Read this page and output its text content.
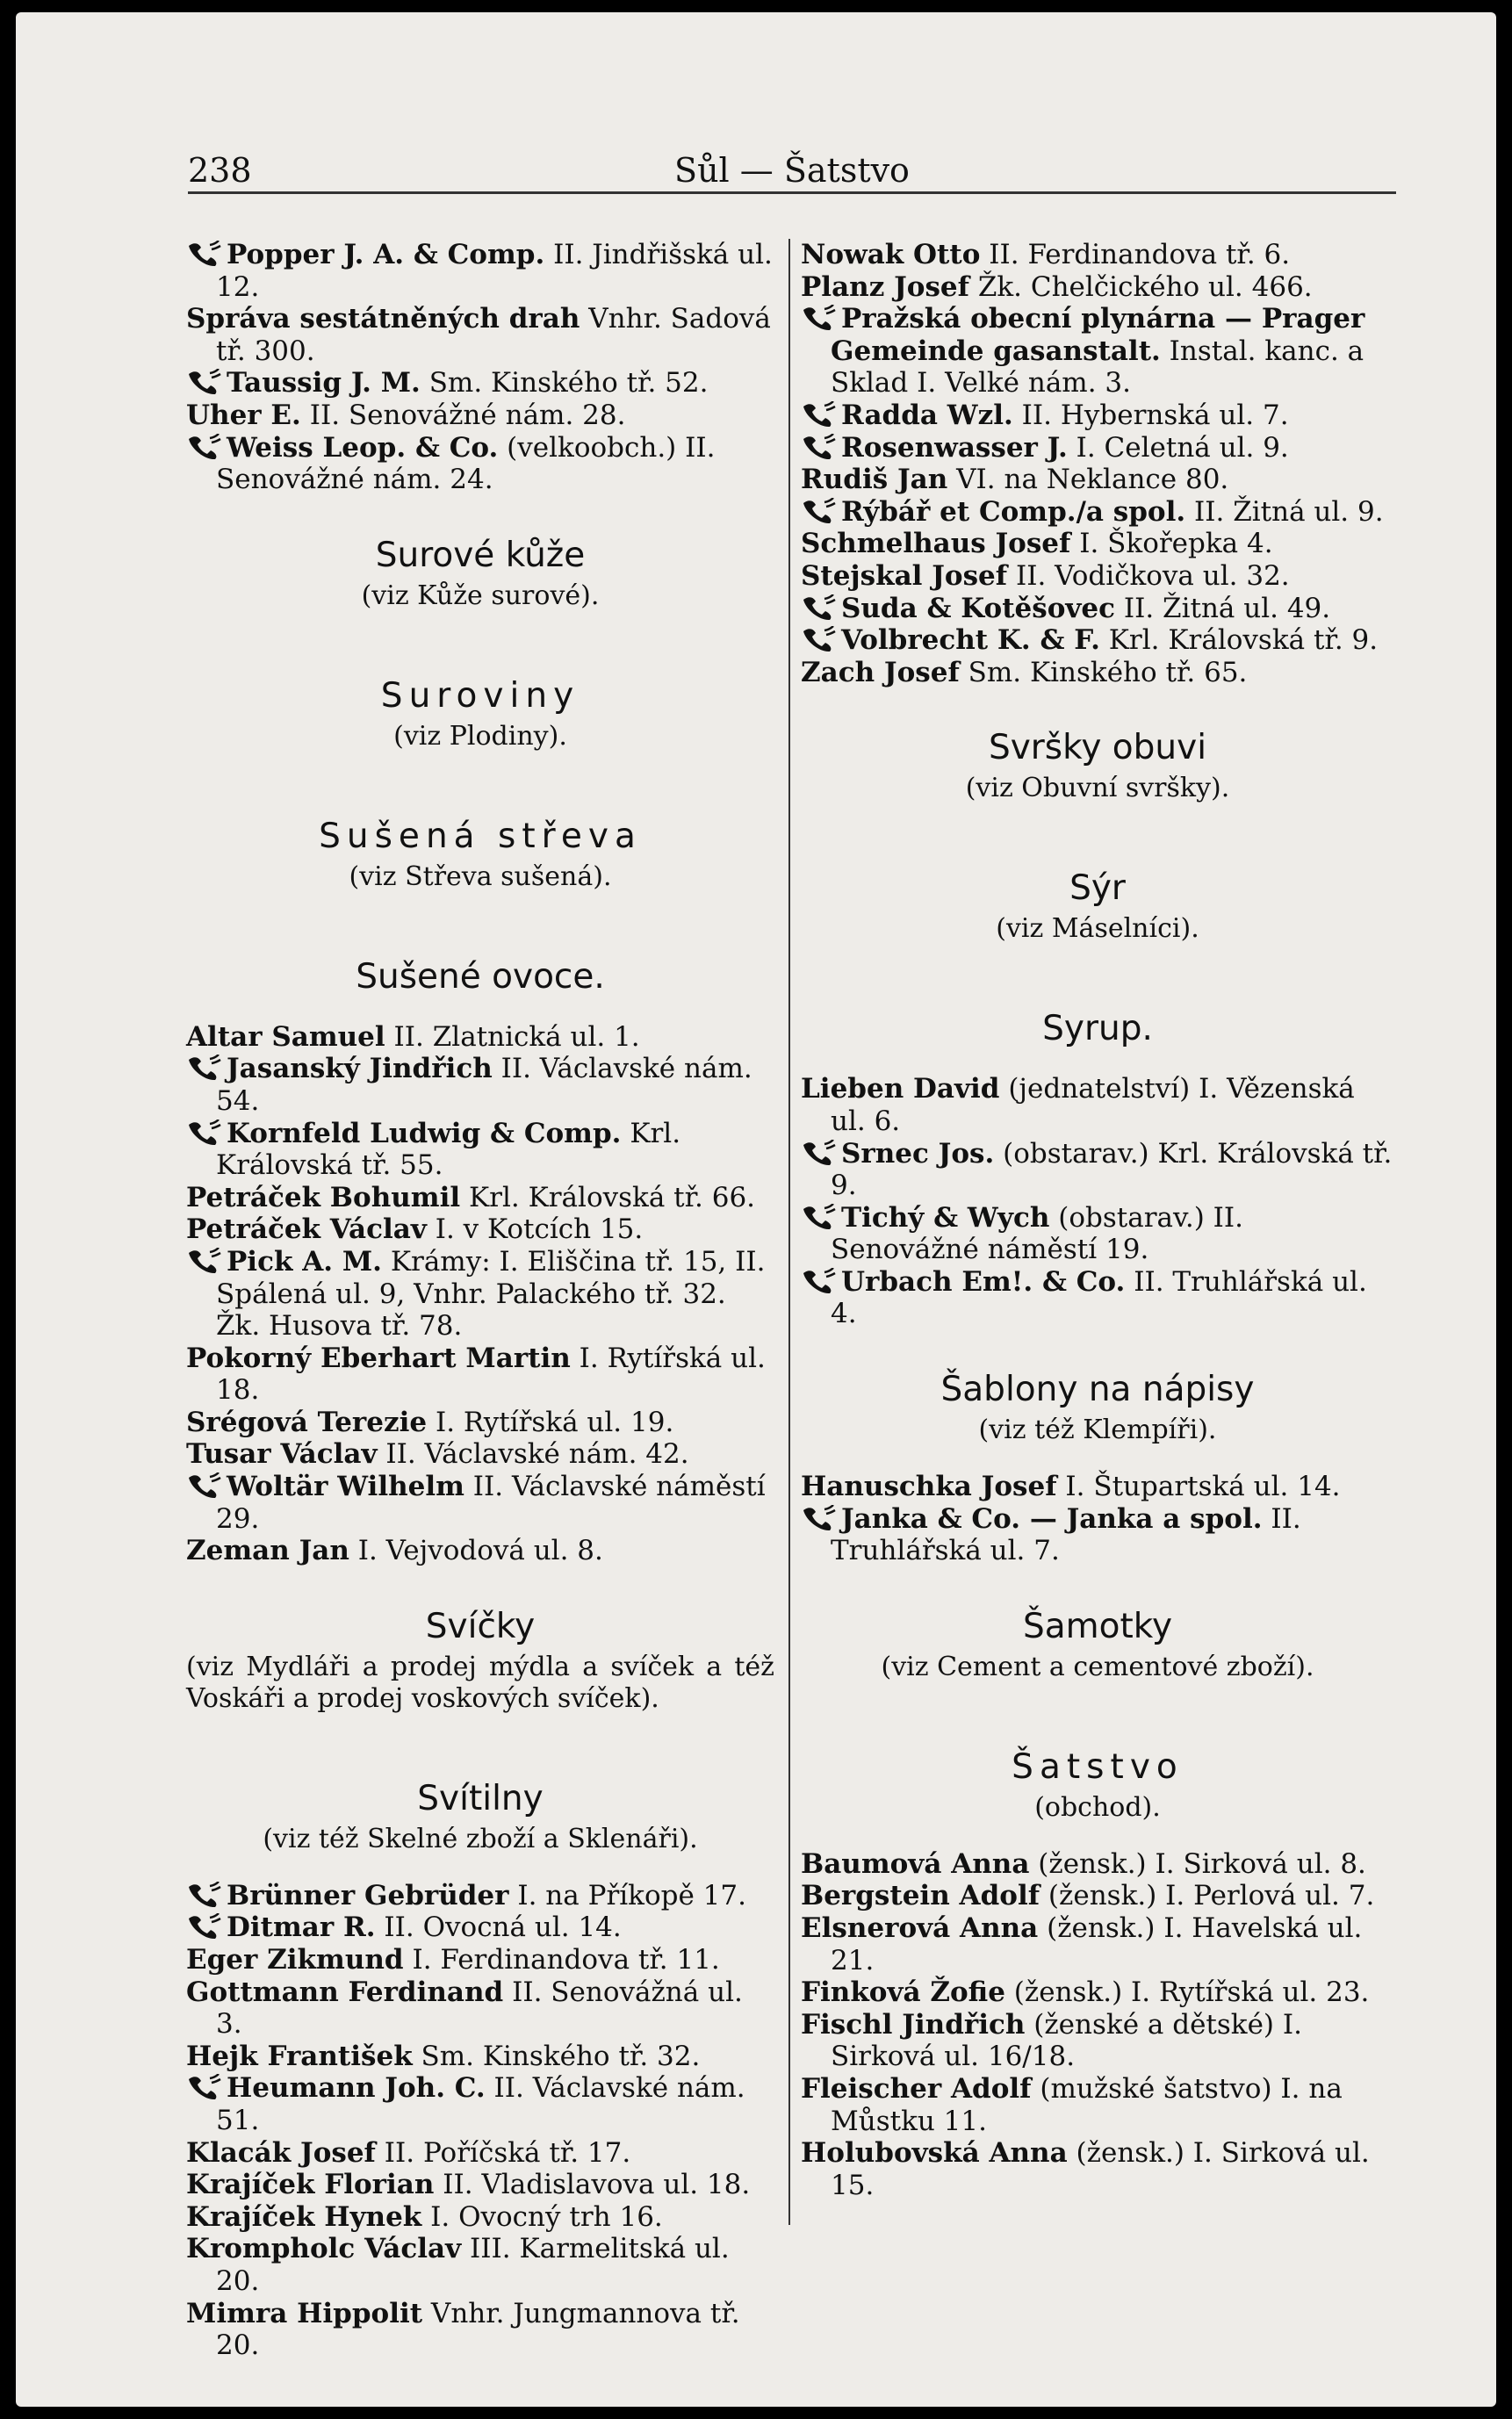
238	Sůl — Šatstvo

Popper J. A. & Comp. II. Jindřišská ul. 12.

Správa sestátněných drah Vnhr. Sadová tř. 300.

Taussig J. M. Sm. Kinského tř. 52.

Uher E. II. Senovážné nám. 28.

Weiss Leop. & Co. (velkoobch.) II. Senovážné nám. 24.

Surové kůže

(viz Kůže surové).

Suroviny

(viz Plodiny).

Sušená střeva

(viz Střeva sušená).

Sušené ovoce.

Altar Samuel II. Zlatnická ul. 1.

Jasanský Jindřich II. Václavské nám. 54.

Kornfeld Ludwig & Comp. Krl. Královská tř. 55.

Petráček Bohumil Krl. Královská tř. 66.

Petráček Václav I. v Kotcích 15.

Pick A. M. Krámy: I. Eliščina tř. 15, II. Spálená ul. 9, Vnhr. Palackého tř. 32. Žk. Husova tř. 78.

Pokorný Eberhart Martin I. Rytířská ul. 18.

Srégová Terezie I. Rytířská ul. 19.

Tusar Václav II. Václavské nám. 42.

Woltär Wilhelm II. Václavské náměstí 29.

Zeman Jan I. Vejvodová ul. 8.

Svíčky

(viz Mydláři a prodej mýdla a svíček a též Voskáři a prodej voskových svíček).

Svítilny

(viz též Skelné zboží a Sklenáři).

Brünner Gebrüder I. na Příkopě 17.

Ditmar R. II. Ovocná ul. 14.

Eger Zikmund I. Ferdinandova tř. 11.

Gottmann Ferdinand II. Senovážná ul. 3.

Hejk František Sm. Kinského tř. 32.

Heumann Joh. C. II. Václavské nám. 51.

Klacák Josef II. Poříčská tř. 17.

Krajíček Florian II. Vladislavova ul. 18.

Krajíček Hynek I. Ovocný trh 16.

Krompholc Václav III. Karmelitská ul. 20.

Mimra Hippolit Vnhr. Jungmannova tř. 20.

Nowak Otto II. Ferdinandova tř. 6.

Planz Josef Žk. Chelčického ul. 466.

Pražská obecní plynárna — Prager Gemeinde gasanstalt. Instal. kanc. a Sklad I. Velké nám. 3.

Radda Wzl. II. Hybernská ul. 7.

Rosenwasser J. I. Celetná ul. 9.

Rudiš Jan VI. na Neklance 80.

Rýbář et Comp./a spol. II. Žitná ul. 9.

Schmelhaus Josef I. Škořepka 4.

Stejskal Josef II. Vodičkova ul. 32.

Suda & Kotěšovec II. Žitná ul. 49.

Volbrecht K. & F. Krl. Královská tř. 9.

Zach Josef Sm. Kinského tř. 65.

Svršky obuvi

(viz Obuvní svršky).

Sýr

(viz Máselníci).

Syrup.

Lieben David (jednatelství) I. Vězenská ul. 6.

Srnec Jos. (obstarav.) Krl. Královská tř. 9.

Tichý & Wych (obstarav.) II. Senovážné náměstí 19.

Urbach Em!. & Co. II. Truhlářská ul. 4.

Šablony na nápisy

(viz též Klempíři).

Hanuschka Josef I. Štupartská ul. 14.

Janka & Co. — Janka a spol. II. Truhlářská ul. 7.

Šamotky

(viz Cement a cementové zboží).

Šatstvo

(obchod).

Baumová Anna (žensk.) I. Sirková ul. 8.

Bergstein Adolf (žensk.) I. Perlová ul. 7.

Elsnerová Anna (žensk.) I. Havelská ul. 21.

Finková Žofie (žensk.) I. Rytířská ul. 23.

Fischl Jindřich (ženské a dětské) I. Sirková ul. 16/18.

Fleischer Adolf (mužské šatstvo) I. na Můstku 11.

Holubovská Anna (žensk.) I. Sirková ul. 15.
